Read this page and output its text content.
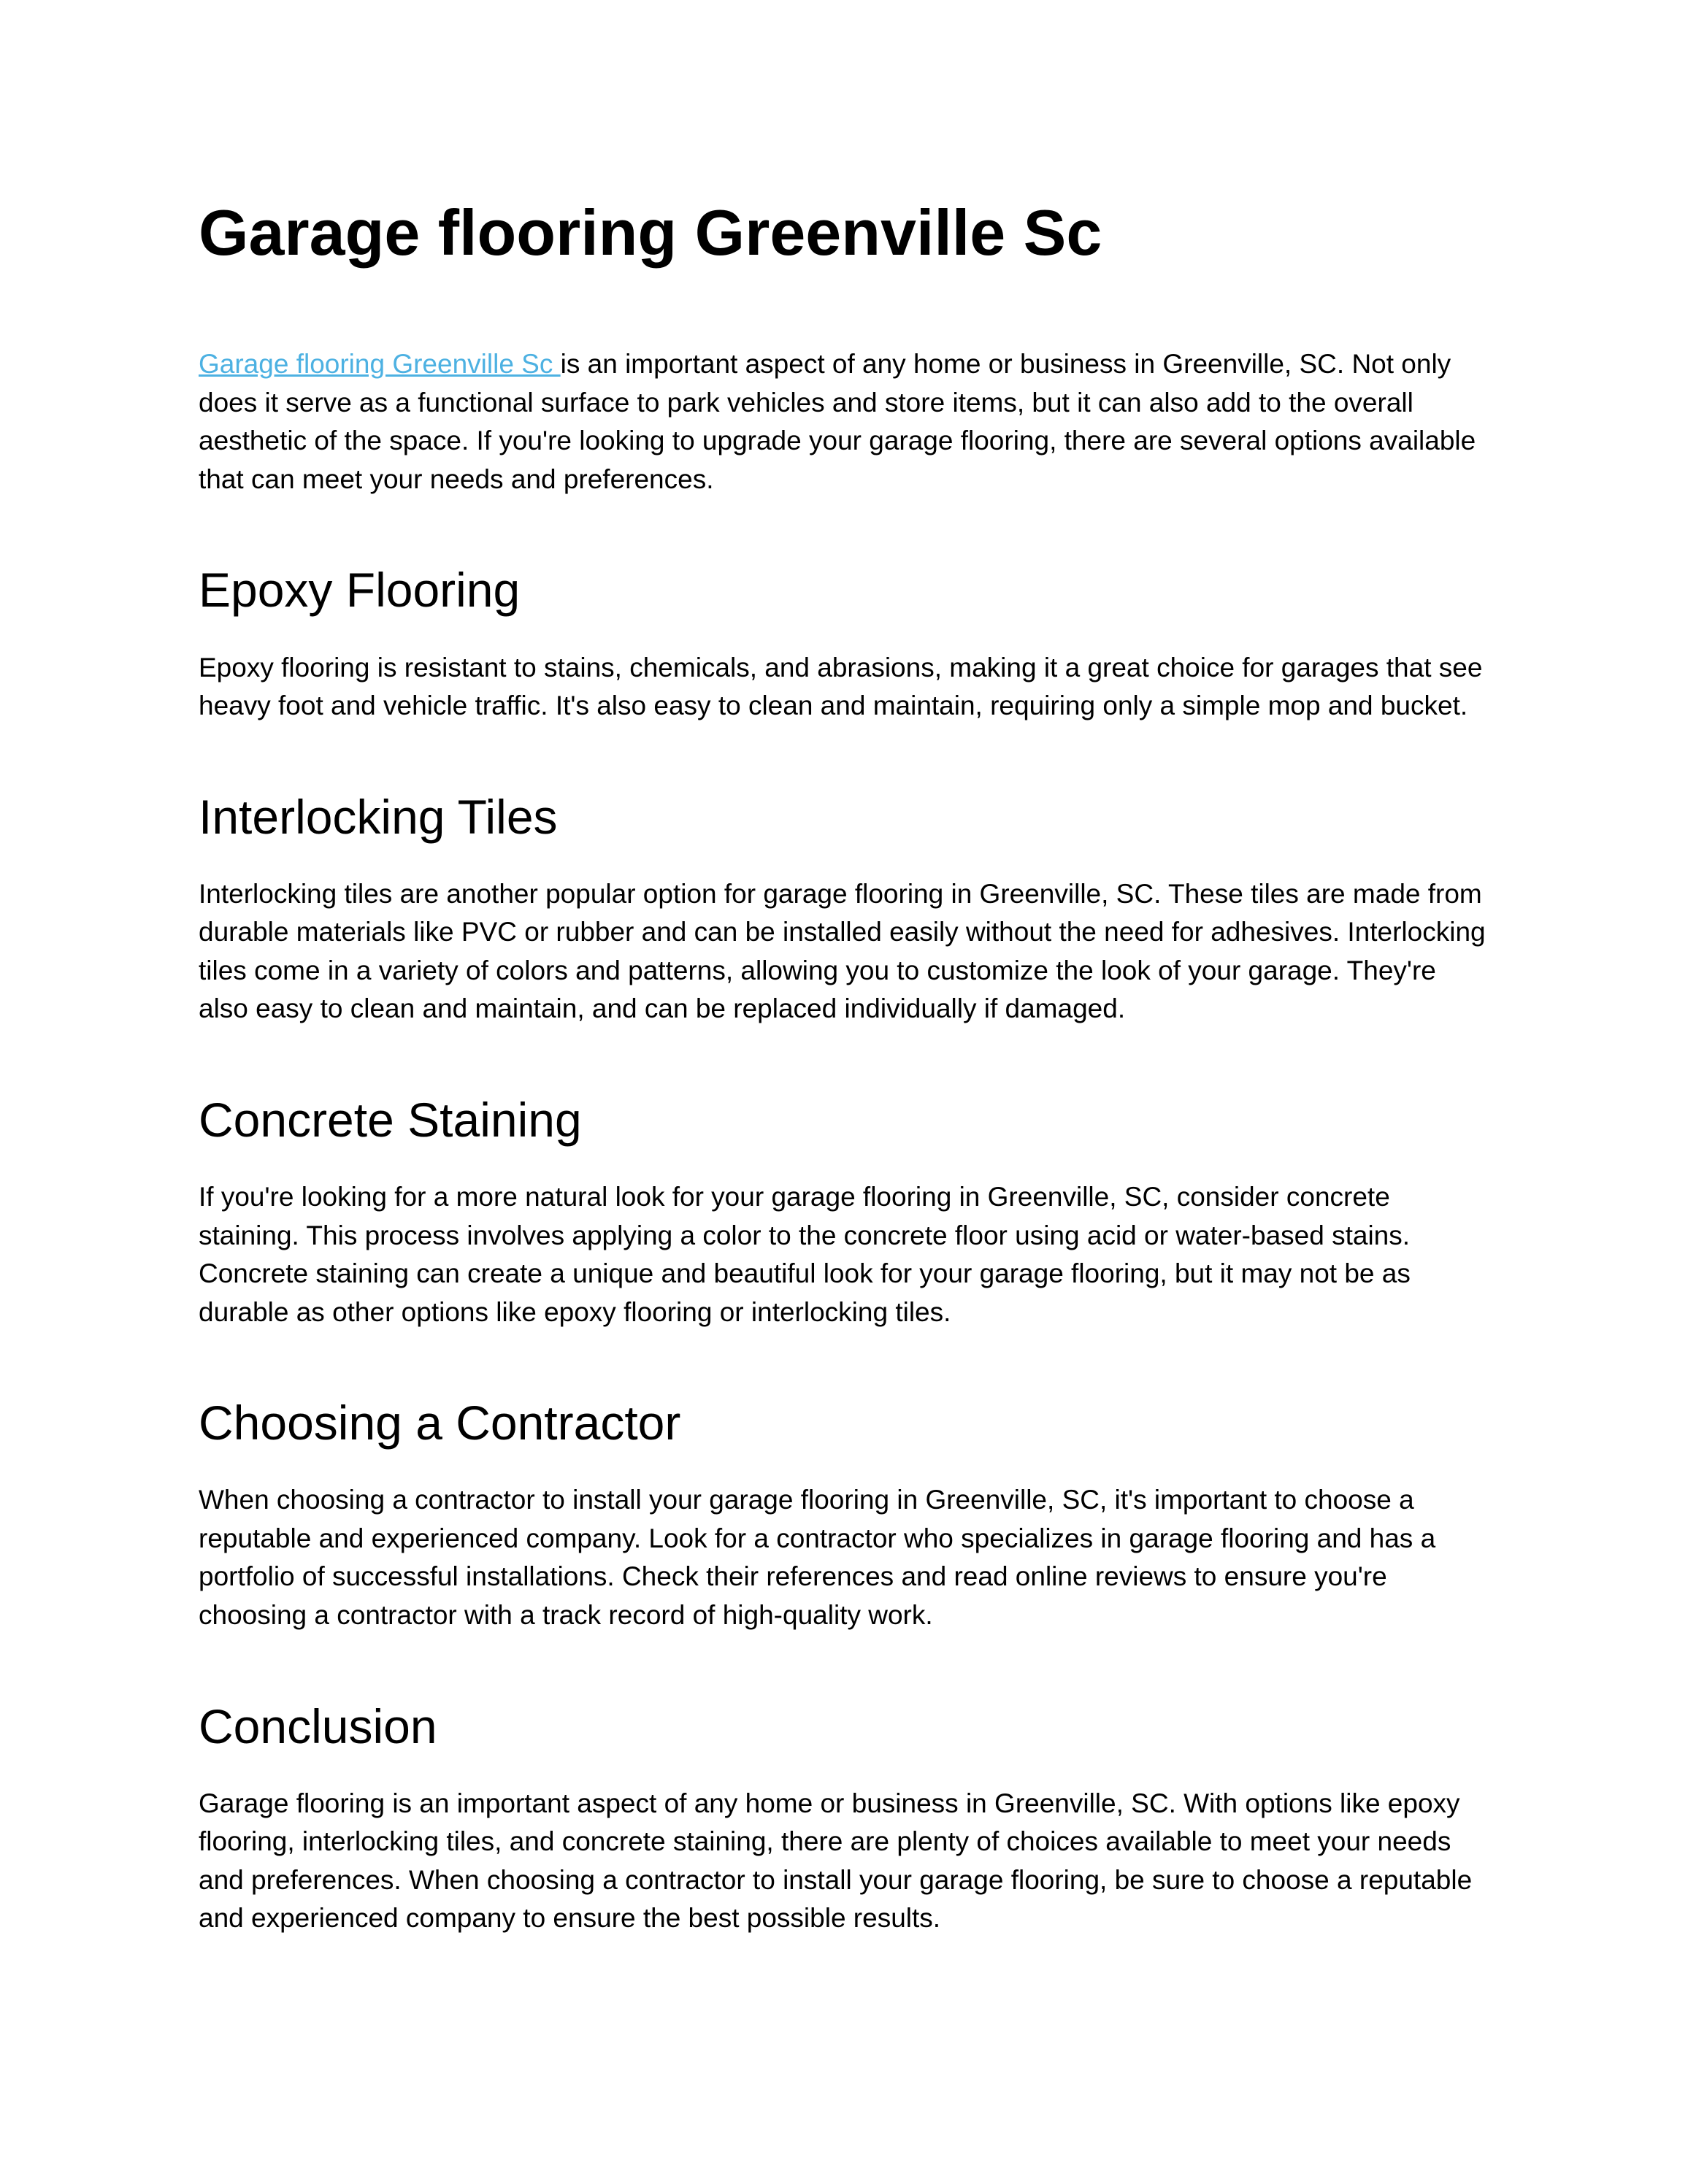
Garage flooring Greenville Sc

Garage flooring Greenville Sc is an important aspect of any home or business in Greenville, SC. Not only does it serve as a functional surface to park vehicles and store items, but it can also add to the overall aesthetic of the space. If you're looking to upgrade your garage flooring, there are several options available that can meet your needs and preferences.

Epoxy Flooring

Epoxy flooring is resistant to stains, chemicals, and abrasions, making it a great choice for garages that see heavy foot and vehicle traffic. It's also easy to clean and maintain, requiring only a simple mop and bucket.

Interlocking Tiles

Interlocking tiles are another popular option for garage flooring in Greenville, SC. These tiles are made from durable materials like PVC or rubber and can be installed easily without the need for adhesives. Interlocking tiles come in a variety of colors and patterns, allowing you to customize the look of your garage. They're also easy to clean and maintain, and can be replaced individually if damaged.

Concrete Staining

If you're looking for a more natural look for your garage flooring in Greenville, SC, consider concrete staining. This process involves applying a color to the concrete floor using acid or water-based stains. Concrete staining can create a unique and beautiful look for your garage flooring, but it may not be as durable as other options like epoxy flooring or interlocking tiles.

Choosing a Contractor

When choosing a contractor to install your garage flooring in Greenville, SC, it's important to choose a reputable and experienced company. Look for a contractor who specializes in garage flooring and has a portfolio of successful installations. Check their references and read online reviews to ensure you're choosing a contractor with a track record of high-quality work.

Conclusion

Garage flooring is an important aspect of any home or business in Greenville, SC. With options like epoxy flooring, interlocking tiles, and concrete staining, there are plenty of choices available to meet your needs and preferences. When choosing a contractor to install your garage flooring, be sure to choose a reputable and experienced company to ensure the best possible results.
